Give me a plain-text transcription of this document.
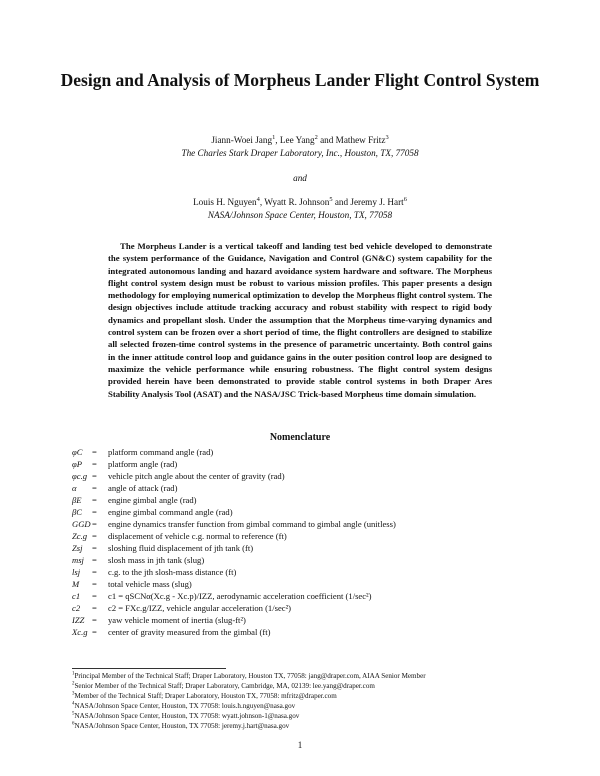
Design and Analysis of Morpheus Lander Flight Control System
Jiann-Woei Jang$^1$, Lee Yang$^2$ and Mathew Fritz$^3$
The Charles Stark Draper Laboratory, Inc., Houston, TX, 77058
and
Louis H. Nguyen$^4$, Wyatt R. Johnson$^5$ and Jeremy J. Hart$^6$
NASA/Johnson Space Center, Houston, TX, 77058

The Morpheus Lander is a vertical takeoff and landing test bed vehicle developed to demonstrate the system performance of the Guidance, Navigation and Control (GN&C) system capability for the integrated autonomous landing and hazard avoidance system hardware and software. The Morpheus flight control system design must be robust to various mission profiles. This paper presents a design methodology for employing numerical optimization to develop the Morpheus flight control system. The design objectives include attitude tracking accuracy and robust stability with respect to rigid body dynamics and propellant slosh. Under the assumption that the Morpheus time-varying dynamics and control system can be frozen over a short period of time, the flight controllers are designed to stabilize all selected frozen-time control systems in the presence of parametric uncertainty. Both control gains in the inner attitude control loop and guidance gains in the outer position control loop are designed to maximize the vehicle performance while ensuring robustness. The flight control system designs provided herein have been demonstrated to provide stable control systems in both Draper Ares Stability Analysis Tool (ASAT) and the NASA/JSC Trick-based Morpheus time domain simulation.

Nomenclature
φC	=	platform command angle (rad)
φP	=	platform angle (rad)
φc.g =	vehicle pitch angle about the center of gravity (rad)
α	=	angle of attack (rad)
βE	=	engine gimbal angle (rad)
βC	=	engine gimbal command angle (rad)
GGD =	engine dynamics transfer function from gimbal command to gimbal angle (unitless)
Zc.g =	displacement of vehicle c.g. normal to reference (ft)
Zsj	=	sloshing fluid displacement of jth tank (ft)
msj =	slosh mass in jth tank (slug)
lsj	=	c.g. to the jth slosh-mass distance (ft)
M	=	total vehicle mass (slug)
c1	=	c1 = qSCNα(Xc.g - Xc.p)/IZZ, aerodynamic acceleration coefficient (1/sec²)
c2	=	c2 = FXc.g/IZZ, vehicle angular acceleration (1/sec²)
IZZ =	yaw vehicle moment of inertia (slug-ft²)
Xc.g =	center of gravity measured from the gimbal (ft)
$^1$Principal Member of the Technical Staff; Draper Laboratory, Houston TX, 77058: jang@draper.com, AIAA Senior Member
$^2$Senior Member of the Technical Staff; Draper Laboratory, Cambridge, MA, 02139: lee.yang@draper.com
$^3$Member of the Technical Staff; Draper Laboratory, Houston TX, 77058: mfritz@draper.com
$^4$NASA/Johnson Space Center, Houston, TX 77058: louis.h.nguyen@nasa.gov
$^5$NASA/Johnson Space Center, Houston, TX 77058: wyatt.johnson-1@nasa.gov
$^6$NASA/Johnson Space Center, Houston, TX 77058: jeremy.j.hart@nasa.gov
1
